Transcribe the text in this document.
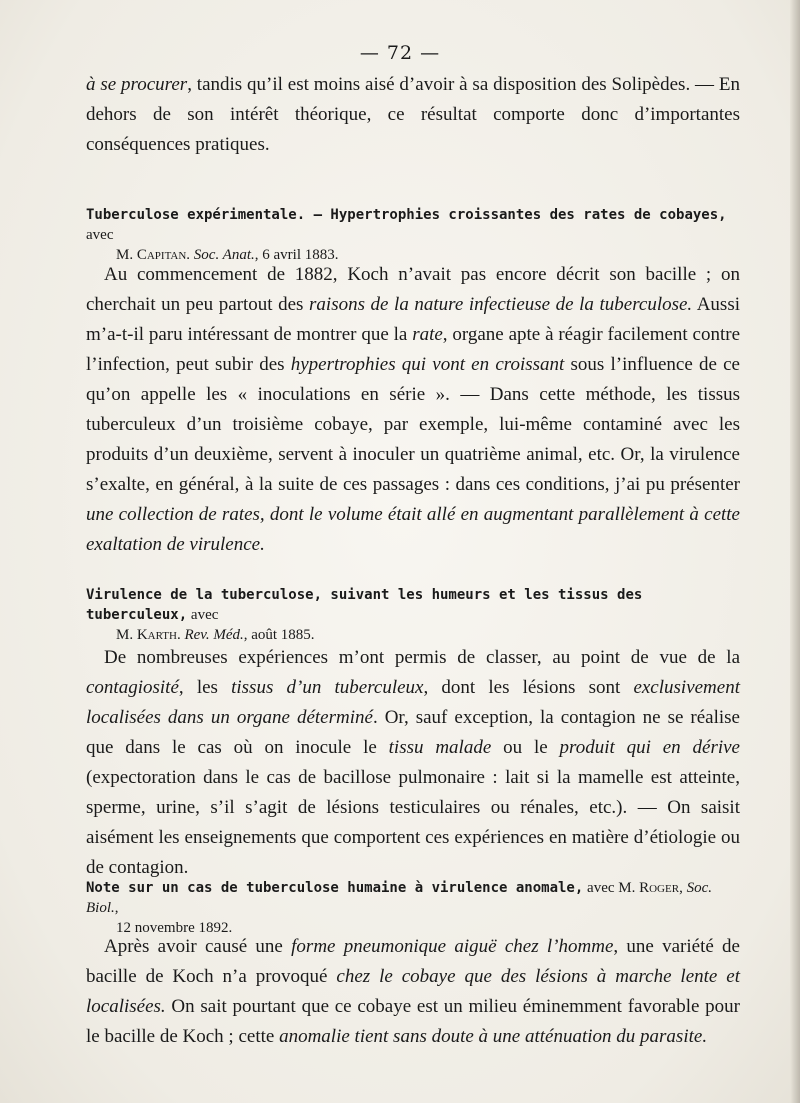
— 72 —

à se procurer, tandis qu’il est moins aisé d’avoir à sa disposition des Solipèdes. — En dehors de son intérêt théorique, ce résultat comporte donc d’importantes conséquences pratiques.

Tuberculose expérimentale. — Hypertrophies croissantes des rates de cobayes, avec
M. Capitan. Soc. Anat., 6 avril 1883.

Au commencement de 1882, Koch n’avait pas encore décrit son bacille ; on cherchait un peu partout des raisons de la nature infectieuse de la tuberculose. Aussi m’a-t-il paru intéressant de montrer que la rate, organe apte à réagir facilement contre l’infection, peut subir des hypertrophies qui vont en croissant sous l’influence de ce qu’on appelle les « inoculations en série ». — Dans cette méthode, les tissus tuberculeux d’un troisième cobaye, par exemple, lui-même contaminé avec les produits d’un deuxième, servent à inoculer un quatrième animal, etc. Or, la virulence s’exalte, en général, à la suite de ces passages : dans ces conditions, j’ai pu présenter une collection de rates, dont le volume était allé en augmentant parallèlement à cette exaltation de virulence.

Virulence de la tuberculose, suivant les humeurs et les tissus des tuberculeux, avec
M. Karth. Rev. Méd., août 1885.

De nombreuses expériences m’ont permis de classer, au point de vue de la contagiosité, les tissus d’un tuberculeux, dont les lésions sont exclusivement localisées dans un organe déterminé. Or, sauf exception, la contagion ne se réalise que dans le cas où on inocule le tissu malade ou le produit qui en dérive (expectoration dans le cas de bacillose pulmonaire : lait si la mamelle est atteinte, sperme, urine, s’il s’agit de lésions testiculaires ou rénales, etc.). — On saisit aisément les enseignements que comportent ces expériences en matière d’étiologie ou de contagion.

Note sur un cas de tuberculose humaine à virulence anomale, avec M. Roger, Soc. Biol.,
12 novembre 1892.

Après avoir causé une forme pneumonique aiguë chez l’homme, une variété de bacille de Koch n’a provoqué chez le cobaye que des lésions à marche lente et localisées. On sait pourtant que ce cobaye est un milieu éminemment favorable pour le bacille de Koch ; cette anomalie tient sans doute à une atténuation du parasite.
